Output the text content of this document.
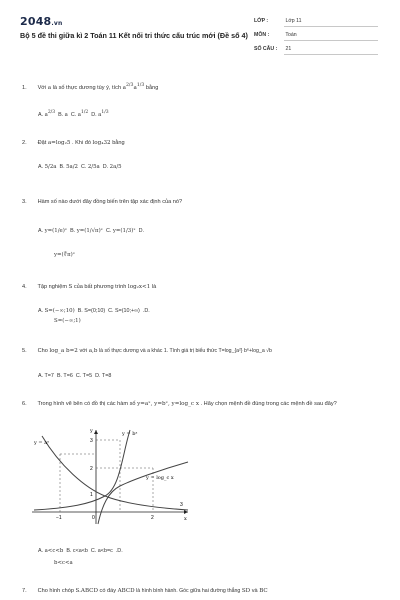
2048.vn
Bộ 5 đề thi giữa kì 2 Toán 11 Kết nối tri thức cấu trúc mới (Đề số 4)
LỚP :	Lớp 11
MÔN :	Toán
SỐ CÂU : 21
1. Với a là số thực dương tùy ý, tích $a^{2/3}a^{1/3}$ bằng
A. $a^{2/3}$ B. a C. $a^{1/2}$ D. $a^{1/3}$
2. Đặt a=log₂5 . Khi đó log₄32 bằng
A. 5/2a B. 5a/2 C. 2/5a D. 2a/5
3. Hàm số nào dưới đây đồng biến trên tập xác định của nó?
A. y=(1/e)ˣ B. y=(1/√π)ˣ C. y=(1/3)ˣ D.
y=(∜π)ˣ
4. Tập nghiệm S của bất phương trình log₂x<1 là
A. S=(−∞;10) B. S=(0;10) C. S=(10;+∞) .D.
S=(−∞;1)
5. Cho log_a b=2 với a,b là số thực dương và a khác 1. Tính giá trị biểu thức T=log_{a²} b⁶+log_a √b
A. T=7 B. T=6 C. T=5 D. T=8
6. Trong hình vẽ bên có đồ thị các hàm số y=aˣ, y=bˣ, y=log_c x . Hãy chọn mệnh đề đúng trong các mệnh đề sau đây?
y = aˣ
y = bˣ
y = log_c x
y
x
3
2
1
−1	0	2
3
A. a<c<b B. c<a<b C. a<b=c .D.
b<c<a
7. Cho hình chóp S.ABCD có đáy ABCD là hình bình hành. Góc giữa hai đường thẳng SD và BC
